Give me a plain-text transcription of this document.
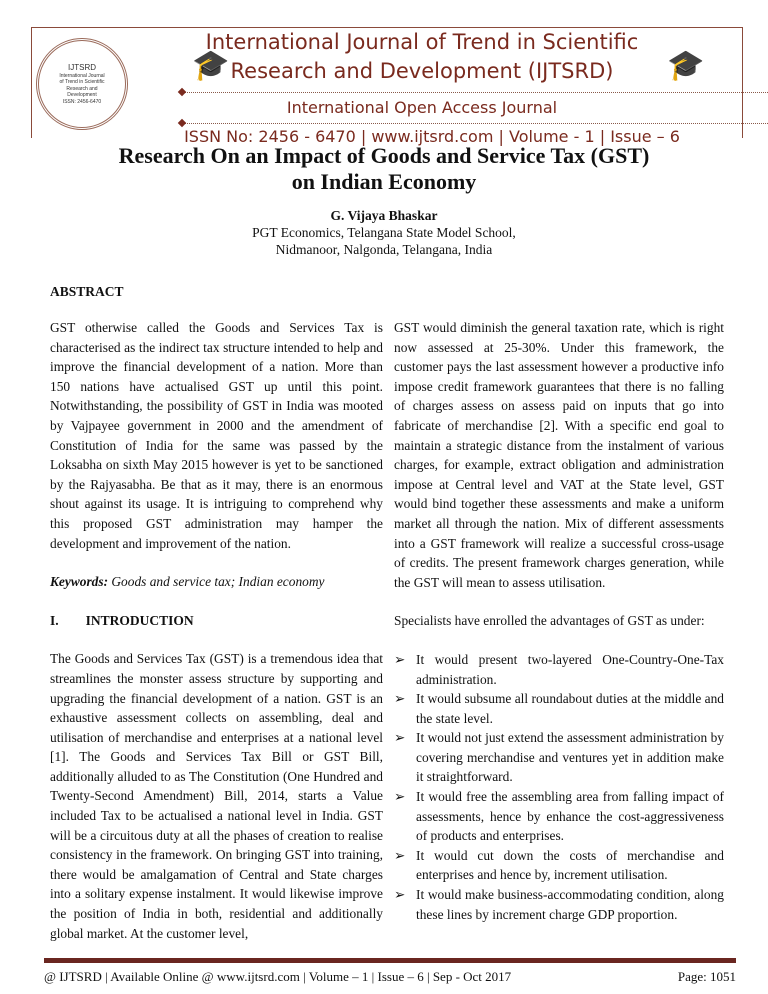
IJTSRD
International Journal
of Trend in Scientific
Research and
Development
ISSN: 2456-6470
🎓	🎓
International Journal of Trend in Scientific
Research and Development (IJTSRD)
International Open Access Journal
ISSN No: 2456 - 6470 | www.ijtsrd.com | Volume - 1 | Issue – 6
Research On an Impact of Goods and Service Tax (GST)
on Indian Economy
G. Vijaya Bhaskar
PGT Economics, Telangana State Model School,
Nidmanoor, Nalgonda, Telangana, India
ABSTRACT

GST otherwise called the Goods and Services Tax is characterised as the indirect tax structure intended to help and improve the financial development of a nation. More than 150 nations have actualised GST up until this point. Notwithstanding, the possibility of GST in India was mooted by Vajpayee government in 2000 and the amendment of Constitution of India for the same was passed by the Loksabha on sixth May 2015 however is yet to be sanctioned by the Rajyasabha. Be that as it may, there is an enormous shout against its usage. It is intriguing to comprehend why this proposed GST administration may hamper the development and improvement of the nation.

Keywords: Goods and service tax; Indian economy

I.        INTRODUCTION

The Goods and Services Tax (GST) is a tremendous idea that streamlines the monster assess structure by supporting and upgrading the financial development of a nation. GST is an exhaustive assessment collects on assembling, deal and utilisation of merchandise and enterprises at a national level [1]. The Goods and Services Tax Bill or GST Bill, additionally alluded to as The Constitution (One Hundred and Twenty-Second Amendment) Bill, 2014, starts a Value included Tax to be actualised a national level in India. GST will be a circuitous duty at all the phases of creation to realise consistency in the framework. On bringing GST into training, there would be amalgamation of Central and State charges into a solitary expense instalment. It would likewise improve the position of India in both, residential and additionally global market. At the customer level,

GST would diminish the general taxation rate, which is right now assessed at 25-30%. Under this framework, the customer pays the last assessment however a productive info impose credit framework guarantees that there is no falling of charges assess on assess paid on inputs that go into fabricate of merchandise [2]. With a specific end goal to maintain a strategic distance from the instalment of various charges, for example, extract obligation and administration impose at Central level and VAT at the State level, GST would bind together these assessments and make a uniform market all through the nation. Mix of different assessments into a GST framework will realize a successful cross-usage of credits. The present framework charges generation, while the GST will mean to assess utilisation.

Specialists have enrolled the advantages of GST as under:

➢ It would present two-layered One-Country-One-Tax administration.
➢ It would subsume all roundabout duties at the middle and the state level.
➢ It would not just extend the assessment administration by covering merchandise and ventures yet in addition make it straightforward.
➢ It would free the assembling area from falling impact of assessments, hence by enhance the cost-aggressiveness of products and enterprises.
➢ It would cut down the costs of merchandise and enterprises and hence by, increment utilisation.
➢ It would make business-accommodating condition, along these lines by increment charge GDP proportion.
@ IJTSRD | Available Online @ www.ijtsrd.com | Volume – 1 | Issue – 6 | Sep - Oct 2017	Page: 1051
